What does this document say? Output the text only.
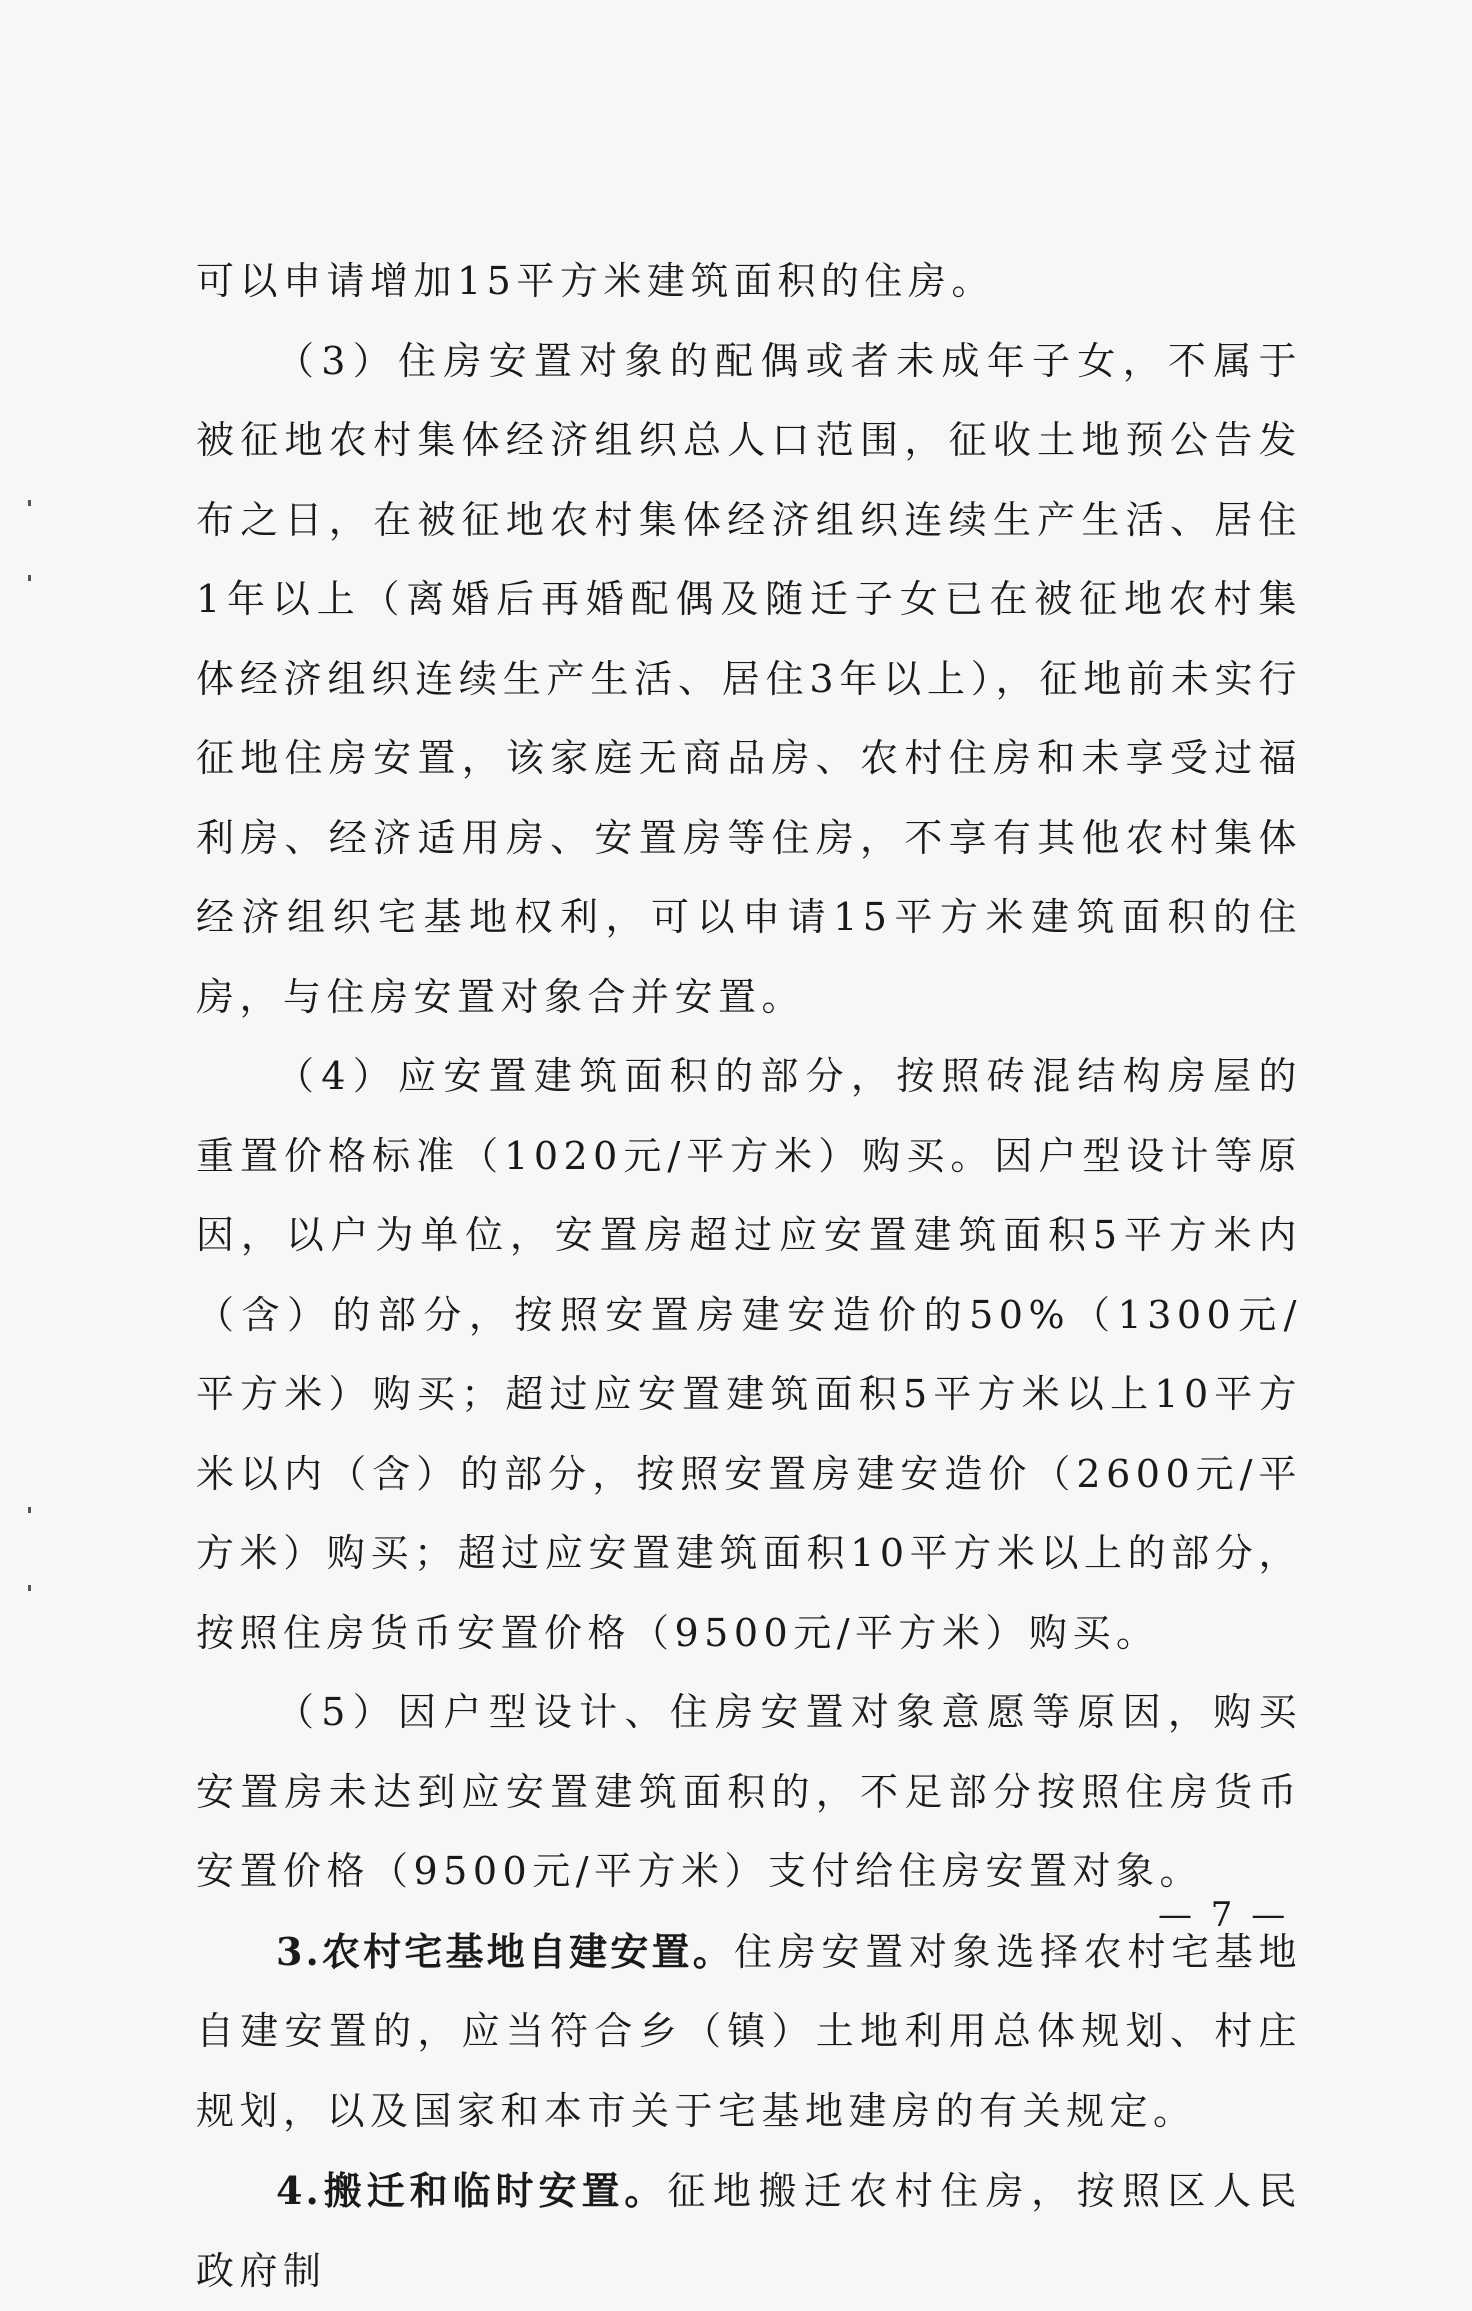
可以申请增加15平方米建筑面积的住房。

（3）住房安置对象的配偶或者未成年子女，不属于被征地农村集体经济组织总人口范围，征收土地预公告发布之日，在被征地农村集体经济组织连续生产生活、居住1年以上（离婚后再婚配偶及随迁子女已在被征地农村集体经济组织连续生产生活、居住3年以上），征地前未实行征地住房安置，该家庭无商品房、农村住房和未享受过福利房、经济适用房、安置房等住房，不享有其他农村集体经济组织宅基地权利，可以申请15平方米建筑面积的住房，与住房安置对象合并安置。

（4）应安置建筑面积的部分，按照砖混结构房屋的重置价格标准（1020元/平方米）购买。因户型设计等原因，以户为单位，安置房超过应安置建筑面积5平方米内（含）的部分，按照安置房建安造价的50%（1300元/平方米）购买；超过应安置建筑面积5平方米以上10平方米以内（含）的部分，按照安置房建安造价（2600元/平方米）购买；超过应安置建筑面积10平方米以上的部分，按照住房货币安置价格（9500元/平方米）购买。

（5）因户型设计、住房安置对象意愿等原因，购买安置房未达到应安置建筑面积的，不足部分按照住房货币安置价格（9500元/平方米）支付给住房安置对象。

3.农村宅基地自建安置。住房安置对象选择农村宅基地自建安置的，应当符合乡（镇）土地利用总体规划、村庄规划，以及国家和本市关于宅基地建房的有关规定。

4.搬迁和临时安置。征地搬迁农村住房，按照区人民政府制

— 7 —
